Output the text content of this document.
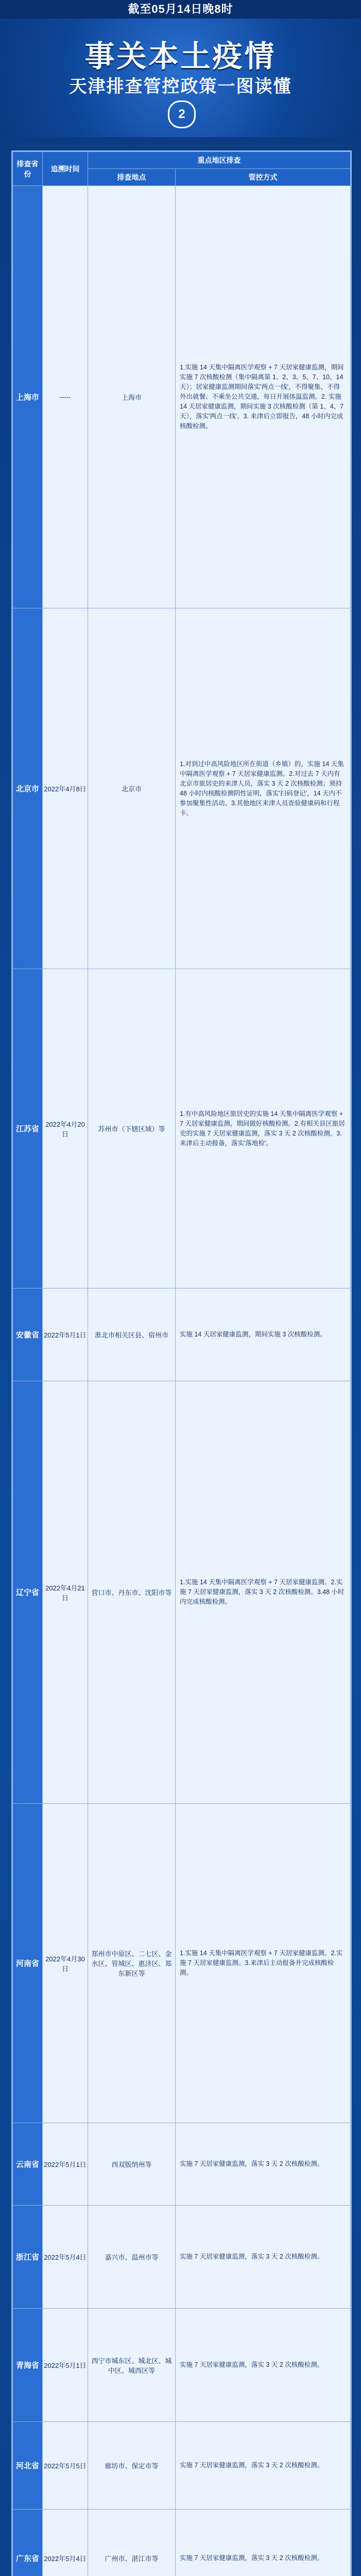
截至05月14日晚8时
事关本土疫情
天津排查管控政策一图读懂
2
排查省份	追溯时间	重点地区排查	
		排查地点	管控方式
上海市	-----	上海市	1.实施 14 天集中隔离医学观察 + 7 天居家健康监测，期间实施 7 次核酸检测（集中隔离第 1、2、3、5、7、10、14 天）；居家健康监测期间落实'两点一线'，不得聚集、不得外出就餐、不乘坐公共交通，每日开展体温监测。2. 实施 14 天居家健康监测，期间实施 3 次核酸检测（第 1、4、7 天），落实'两点一线'。3. 来津后立即报告，48 小时内完成核酸检测。
北京市	2022年4月8日	北京市	1.对到过中高风险地区所在街道（乡镇）的，实施 14 天集中隔离医学观察 + 7 天居家健康监测。2.对过去 7 天内有北京市旅居史的来津人员，落实 3 天 2 次核酸检测；须持 48 小时内核酸检测阴性证明，落实'扫码登记'，14 天内不参加聚集性活动。3.其他地区来津人员查验健康码和行程卡。
江苏省	2022年4月20日	苏州市（下辖区域）等	1.有中高风险地区旅居史的实施 14 天集中隔离医学观察 + 7 天居家健康监测，期间做好核酸检测。2.有相关县区旅居史的实施 7 天居家健康监测，落实 3 天 2 次核酸检测。3.来津后主动报备，落实'落地检'。
安徽省	2022年5月1日	淮北市相关区县、宿州市	实施 14 天居家健康监测，期间实施 3 次核酸检测。
辽宁省	2022年4月21日	营口市、丹东市、沈阳市等	1.实施 14 天集中隔离医学观察 + 7 天居家健康监测。2.实施 7 天居家健康监测，落实 3 天 2 次核酸检测。3.48 小时内完成核酸检测。
河南省	2022年4月30日	郑州市中原区、二七区、金水区、管城区、惠济区、郑东新区等	1.实施 14 天集中隔离医学观察 + 7 天居家健康监测。2.实施 7 天居家健康监测。3.来津后主动报备并完成核酸检测。
云南省	2022年5月1日	西双版纳州等	实施 7 天居家健康监测，落实 3 天 2 次核酸检测。
浙江省	2022年5月4日	嘉兴市、温州市等	实施 7 天居家健康监测，落实 3 天 2 次核酸检测。
青海省	2022年5月1日	西宁市城东区、城北区、城中区、城西区等	实施 7 天居家健康监测，落实 3 天 2 次核酸检测。
河北省	2022年5月5日	廊坊市、保定市等	实施 7 天居家健康监测，落实 3 天 2 次核酸检测。
广东省	2022年5月4日	广州市、湛江市等	实施 7 天居家健康监测，落实 3 天 2 次核酸检测。
